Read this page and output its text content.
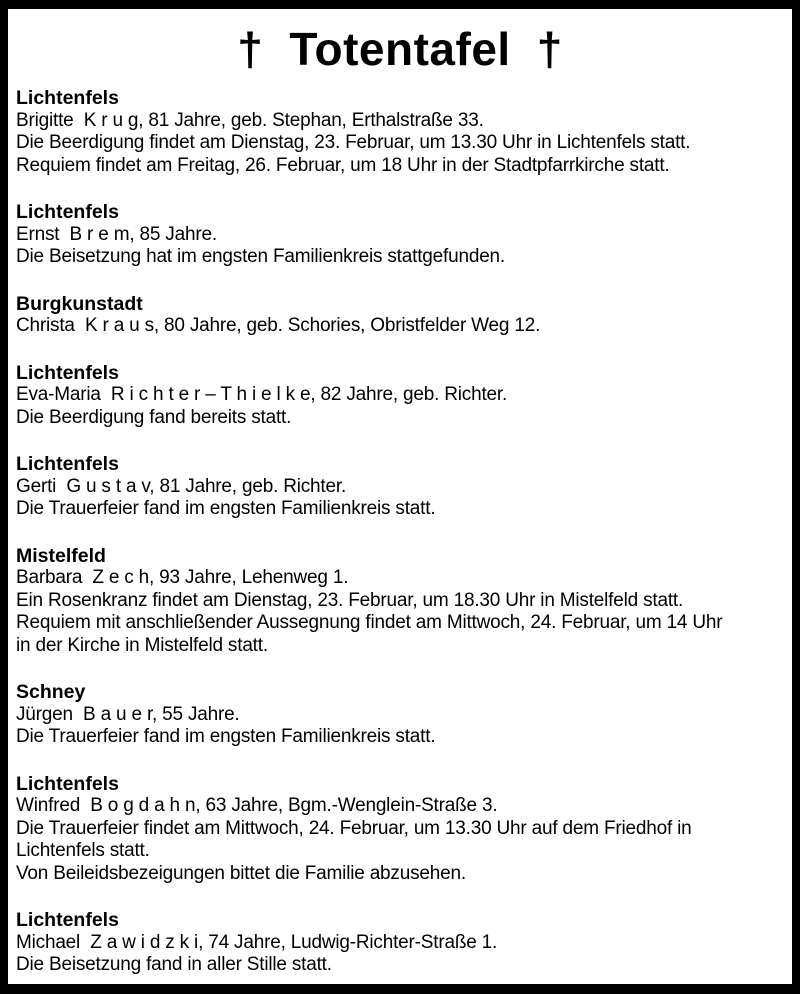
† Totentafel †
Lichtenfels

Brigitte  K r u g, 81 Jahre, geb. Stephan, Erthalstraße 33.

Die Beerdigung findet am Dienstag, 23. Februar, um 13.30 Uhr in Lichtenfels statt.

Requiem findet am Freitag, 26. Februar, um 18 Uhr in der Stadtpfarrkirche statt.

Lichtenfels

Ernst  B r e m, 85 Jahre.

Die Beisetzung hat im engsten Familienkreis stattgefunden.

Burgkunstadt

Christa  K r a u s, 80 Jahre, geb. Schories, Obristfelder Weg 12.

Lichtenfels

Eva-Maria  R i c h t e r – T h i e l k e, 82 Jahre, geb. Richter.

Die Beerdigung fand bereits statt.

Lichtenfels

Gerti  G u s t a v, 81 Jahre, geb. Richter.

Die Trauerfeier fand im engsten Familienkreis statt.

Mistelfeld

Barbara  Z e c h, 93 Jahre, Lehenweg 1.

Ein Rosenkranz findet am Dienstag, 23. Februar, um 18.30 Uhr in Mistelfeld statt.

Requiem mit anschließender Aussegnung findet am Mittwoch, 24. Februar, um 14 Uhr

in der Kirche in Mistelfeld statt.

Schney

Jürgen  B a u e r, 55 Jahre.

Die Trauerfeier fand im engsten Familienkreis statt.

Lichtenfels

Winfred  B o g d a h n, 63 Jahre, Bgm.-Wenglein-Straße 3.

Die Trauerfeier findet am Mittwoch, 24. Februar, um 13.30 Uhr auf dem Friedhof in

Lichtenfels statt.

Von Beileidsbezeigungen bittet die Familie abzusehen.

Lichtenfels

Michael  Z a w i d z k i, 74 Jahre, Ludwig-Richter-Straße 1.

Die Beisetzung fand in aller Stille statt.
